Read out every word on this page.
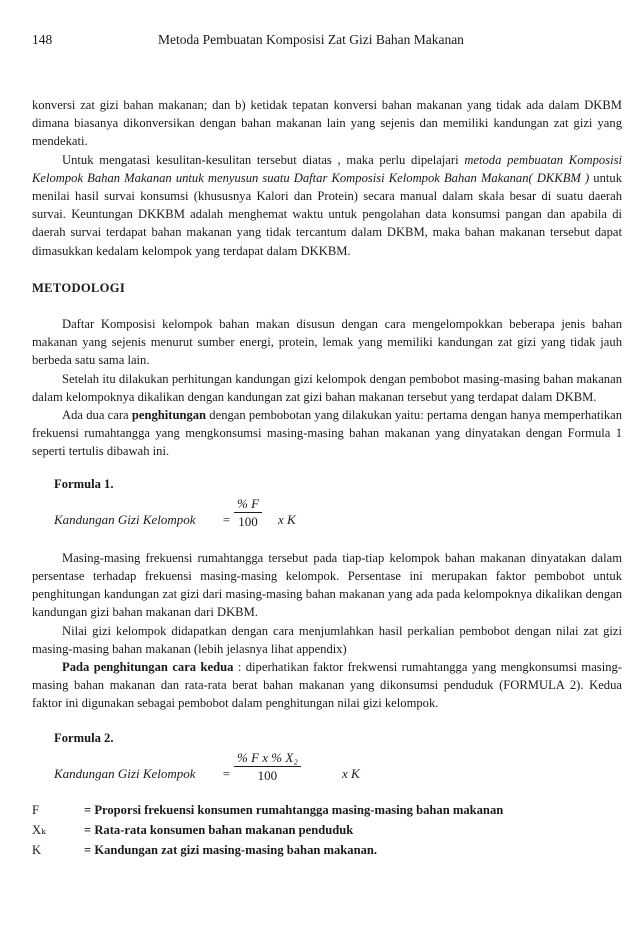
148	Metoda Pembuatan Komposisi Zat Gizi Bahan Makanan

konversi zat gizi bahan makanan; dan b) ketidak tepatan konversi bahan makanan yang tidak ada dalam DKBM dimana biasanya dikonversikan dengan bahan makanan lain yang sejenis dan memiliki kandungan zat gizi yang mendekati.

Untuk mengatasi kesulitan-kesulitan tersebut diatas , maka perlu dipelajari metoda pembuatan Komposisi Kelompok Bahan Makanan untuk menyusun suatu Daftar Komposisi Kelompok Bahan Makanan( DKKBM ) untuk menilai hasil survai konsumsi (khususnya Kalori dan Protein) secara manual dalam skala besar di suatu daerah survai. Keuntungan DKKBM adalah menghemat waktu untuk pengolahan data konsumsi pangan dan apabila di daerah survai terdapat bahan makanan yang tidak tercantum dalam DKBM, maka bahan makanan tersebut dapat dimasukkan kedalam kelompok yang terdapat dalam DKKBM.

METODOLOGI

Daftar Komposisi kelompok bahan makan disusun dengan cara mengelompokkan beberapa jenis bahan makanan yang sejenis menurut sumber energi, protein, lemak yang memiliki kandungan zat gizi yang tidak jauh berbeda satu sama lain.

Setelah itu dilakukan perhitungan kandungan gizi kelompok dengan pembobot masing-masing bahan makanan dalam kelompoknya dikalikan dengan kandungan zat gizi bahan makanan tersebut yang terdapat dalam DKBM.

Ada dua cara penghitungan dengan pembobotan yang dilakukan yaitu: pertama dengan hanya memperhatikan frekuensi rumahtangga yang mengkonsumsi masing-masing bahan makanan yang dinyatakan dengan Formula 1 seperti tertulis dibawah ini.

Formula 1.

Kandungan Gizi Kelompok = $\frac{\% F}{100}$ x K

Masing-masing frekuensi rumahtangga tersebut pada tiap-tiap kelompok bahan makanan dinyatakan dalam persentase terhadap frekuensi masing-masing kelompok. Persentase ini merupakan faktor pembobot untuk penghitungan kandungan zat gizi dari masing-masing bahan makanan yang ada pada kelompoknya dikalikan dengan kandungan gizi bahan makanan dari DKBM.

Nilai gizi kelompok didapatkan dengan cara menjumlahkan hasil perkalian pembobot dengan nilai zat gizi masing-masing bahan makanan (lebih jelasnya lihat appendix)

Pada penghitungan cara kedua : diperhatikan faktor frekwensi rumahtangga yang mengkonsumsi masing-masing bahan makanan dan rata-rata berat bahan makanan yang dikonsumsi penduduk (FORMULA 2). Kedua faktor ini digunakan sebagai pembobot dalam penghitungan nilai gizi kelompok.

Formula 2.

Kandungan Gizi Kelompok = $\frac{\text{\% F x \% X₂}}{100}$	x K
F	= Proporsi frekuensi konsumen rumahtangga masing-masing bahan makanan
Xₖ	= Rata-rata konsumen bahan makanan penduduk
K	= Kandungan zat gizi masing-masing bahan makanan.
